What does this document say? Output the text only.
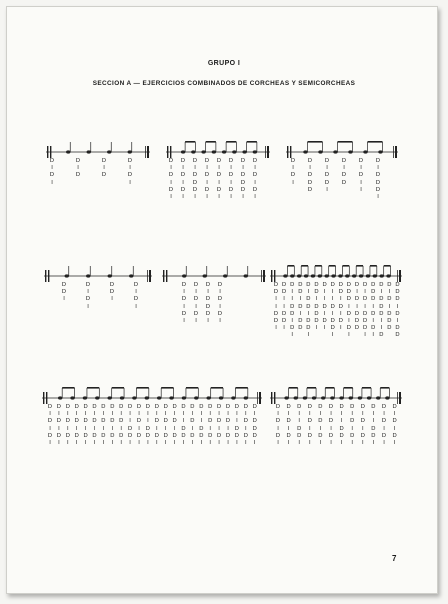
GRUPO I
SECCION A — EJERCICIOS COMBINADOS DE CORCHEAS Y SEMICORCHEAS
7
D
I
D
I
D
I
D
D
I
D
D
I
D
I
D
I
D
I
D
I
D
I
D
I
D
I
D
I
D
D
D
I
D
I
D
I
D
I
D
I
D
I
D
I
D
I
D
I
D
I
D
I
D
D
D
I
D
I
D
I
D
I
D
I
D
I
D
I
D
D
D
D
I
D
D
I
D
I
D
D
D
I
D
I
I
D
I
D
D
D
I
D
D
I
D
I
D
I
D
D
I
D
I
D
I
D
I
D
I
D
I
D
I
D
I
D
I
D
I
D
D
D
I
D
I
D
I
D
I
D
D
I
I
D
D
I
D
D
I
I
D
D
I
D
I
I
D
D
I
D
I
D
D
I
D
I
D
D
D
I
D
D
I
D
D
I
D
D
I
D
D
D
I
D
I
I
D
I
D
I
D
I
I
D
I
D
D
I
D
D
I
D
I
D
I
D
D
D
I
D
I
D
I
D
I
D
I
D
D
D
D
I
D
I
D
D
D
I
D
D
D
I
D
I
D
I
D
I
D
D
D
I
I
D
D
I
D
I
D
D
D
D
D
D
I
D
I
D
D
D
I
D
I
D
I
D
I
D
I
D
I
D
I
D
I
D
I
D
I
D
I
D
I
D
I
D
I
D
I
D
I
D
I
D
I
D
I
D
I
D
I
D
I
D
I
D
I
D
I
D
I
D
I
D
I
I
D
D
I
D
I
D
I
D
I
D
I
I
D
D
I
D
I
D
I
D
I
D
I
D
I
D
I
D
I
D
I
D
I
D
I
I
D
D
I
D
I
D
I
D
I
D
I
I
D
D
I
D
I
D
I
D
I
D
I
D
I
D
I
D
I
D
I
D
I
D
I
I
D
D
I
D
I
D
I
D
I
D
I
D
D
D
I
D
I
D
I
D
I
D
I
D
I
D
I
D
I
I
D
D
I
D
I
D
I
D
I
D
I
D
I
D
I
D
I
D
I
D
I
D
I
I
D
D
I
D
I
D
I
D
I
D
I
D
I
D
I
D
I
I
D
D
I
D
I
D
I
D
I
D
I
D
I
D
I
